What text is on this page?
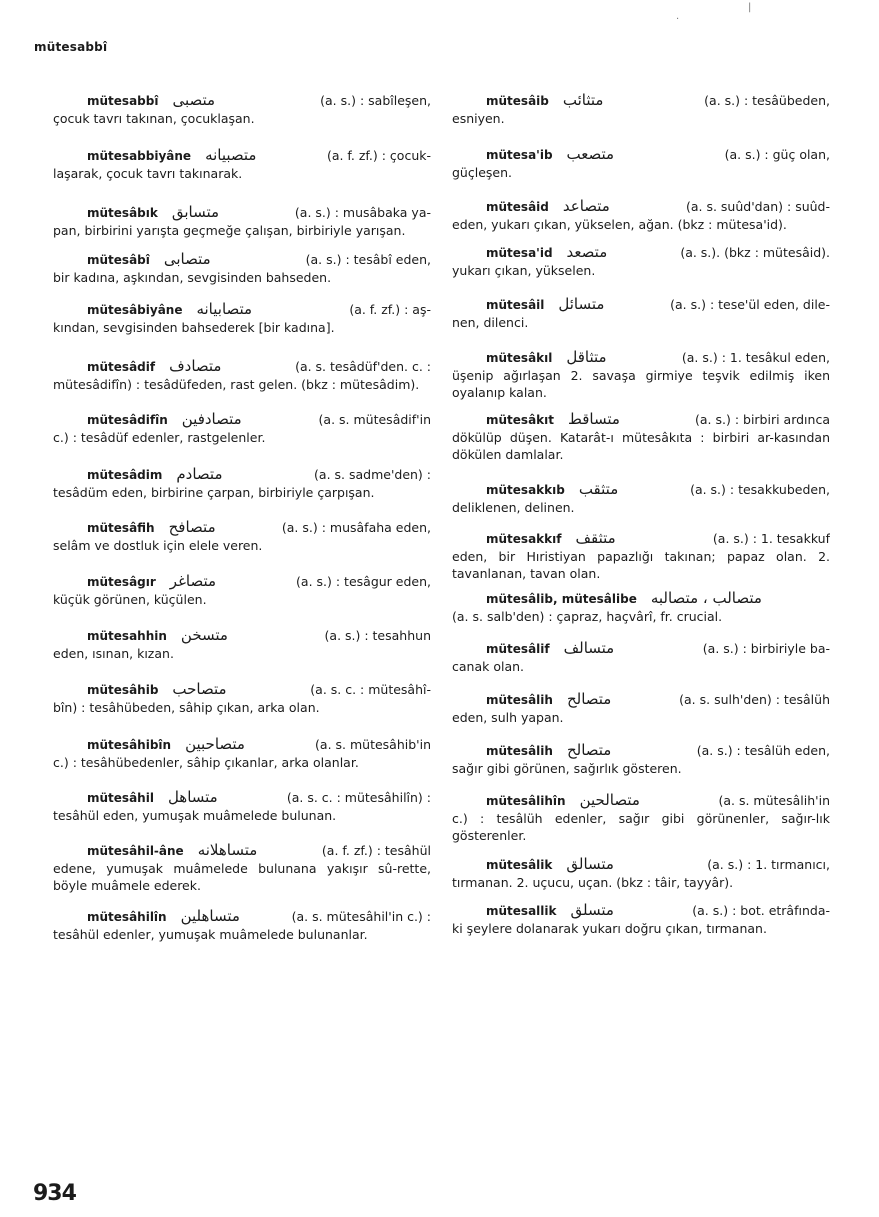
mütesabbî
|
·
mütesabbî متصبى	(a. s.) : sabîleşen,
çocuk tavrı takınan, çocuklaşan.
mütesabbiyâne متصبيانه	(a. f. zf.) : çocuk-
laşarak, çocuk tavrı takınarak.
mütesâbık متسابق	(a. s.) : musâbaka ya-
pan, birbirini yarışta geçmeğe çalışan, birbiriyle yarışan.
mütesâbî متصابى	(a. s.) : tesâbî eden,
bir kadına, aşkından, sevgisinden bahseden.
mütesâbiyâne متصابيانه	(a. f. zf.) : aş-
kından, sevgisinden bahsederek [bir kadına].
mütesâdif متصادف	(a. s. tesâdüf'den. c. :
mütesâdifîn) : tesâdüfeden, rast gelen. (bkz : mütesâdim).
mütesâdifîn متصادفين	(a. s. mütesâdif'in
c.) : tesâdüf edenler, rastgelenler.
mütesâdim متصادم	(a. s. sadme'den) :
tesâdüm eden, birbirine çarpan, birbiriyle çarpışan.
mütesâfih متصافح	(a. s.) : musâfaha eden,
selâm ve dostluk için elele veren.
mütesâgır متصاغر	(a. s.) : tesâgur eden,
küçük görünen, küçülen.
mütesahhin متسخن	(a. s.) : tesahhun
eden, ısınan, kızan.
mütesâhib متصاحب	(a. s. c. : mütesâhî-
bîn) : tesâhübeden, sâhip çıkan, arka olan.
mütesâhibîn متصاحبين	(a. s. mütesâhib'in
c.) : tesâhübedenler, sâhip çıkanlar, arka olanlar.
mütesâhil متساهل	(a. s. c. : mütesâhilîn) :
tesâhül eden, yumuşak muâmelede bulunan.
mütesâhil-âne متساهلانه	(a. f. zf.) : tesâhül
edene, yumuşak muâmelede bulunana yakışır sû-rette, böyle muâmele ederek.
mütesâhilîn متساهلين	(a. s. mütesâhil'in c.) :
tesâhül edenler, yumuşak muâmelede bulunanlar.
mütesâib متثائب	(a. s.) : tesâübeden,
esniyen.
mütesa'ib متصعب	(a. s.) : güç olan,
güçleşen.
mütesâid متصاعد	(a. s. suûd'dan) : suûd-
eden, yukarı çıkan, yükselen, ağan. (bkz : mütesa'id).
mütesa'id متصعد	(a. s.). (bkz : mütesâid).
yukarı çıkan, yükselen.
mütesâil متسائل	(a. s.) : tese'ül eden, dile-
nen, dilenci.
mütesâkıl متثاقل	(a. s.) : 1. tesâkul eden,
üşenip ağırlaşan 2. savaşa girmiye teşvik edilmiş iken oyalanıp kalan.
mütesâkıt متساقط	(a. s.) : birbiri ardınca
dökülüp düşen. Katarât-ı mütesâkıta : birbiri ar-kasından dökülen damlalar.
mütesakkıb متثقب	(a. s.) : tesakkubeden,
deliklenen, delinen.
mütesakkıf متثقف	(a. s.) : 1. tesakkuf
eden, bir Hıristiyan papazlığı takınan; papaz olan. 2. tavanlanan, tavan olan.
mütesâlib, mütesâlibe متصالب ، متصالبه
(a. s. salb'den) : çapraz, haçvârî, fr. crucial.
mütesâlif متسالف	(a. s.) : birbiriyle ba-
canak olan.
mütesâlih متصالح	(a. s. sulh'den) : tesâlüh
eden, sulh yapan.
mütesâlih متصالح	(a. s.) : tesâlüh eden,
sağır gibi görünen, sağırlık gösteren.
mütesâlihîn متصالحين	(a. s. mütesâlih'in
c.) : tesâlüh edenler, sağır gibi görünenler, sağır-lık gösterenler.
mütesâlik متسالق	(a. s.) : 1. tırmanıcı,
tırmanan. 2. uçucu, uçan. (bkz : tâir, tayyâr).
mütesallik متسلق	(a. s.) : bot. etrâfında-
ki şeylere dolanarak yukarı doğru çıkan, tırmanan.
934
